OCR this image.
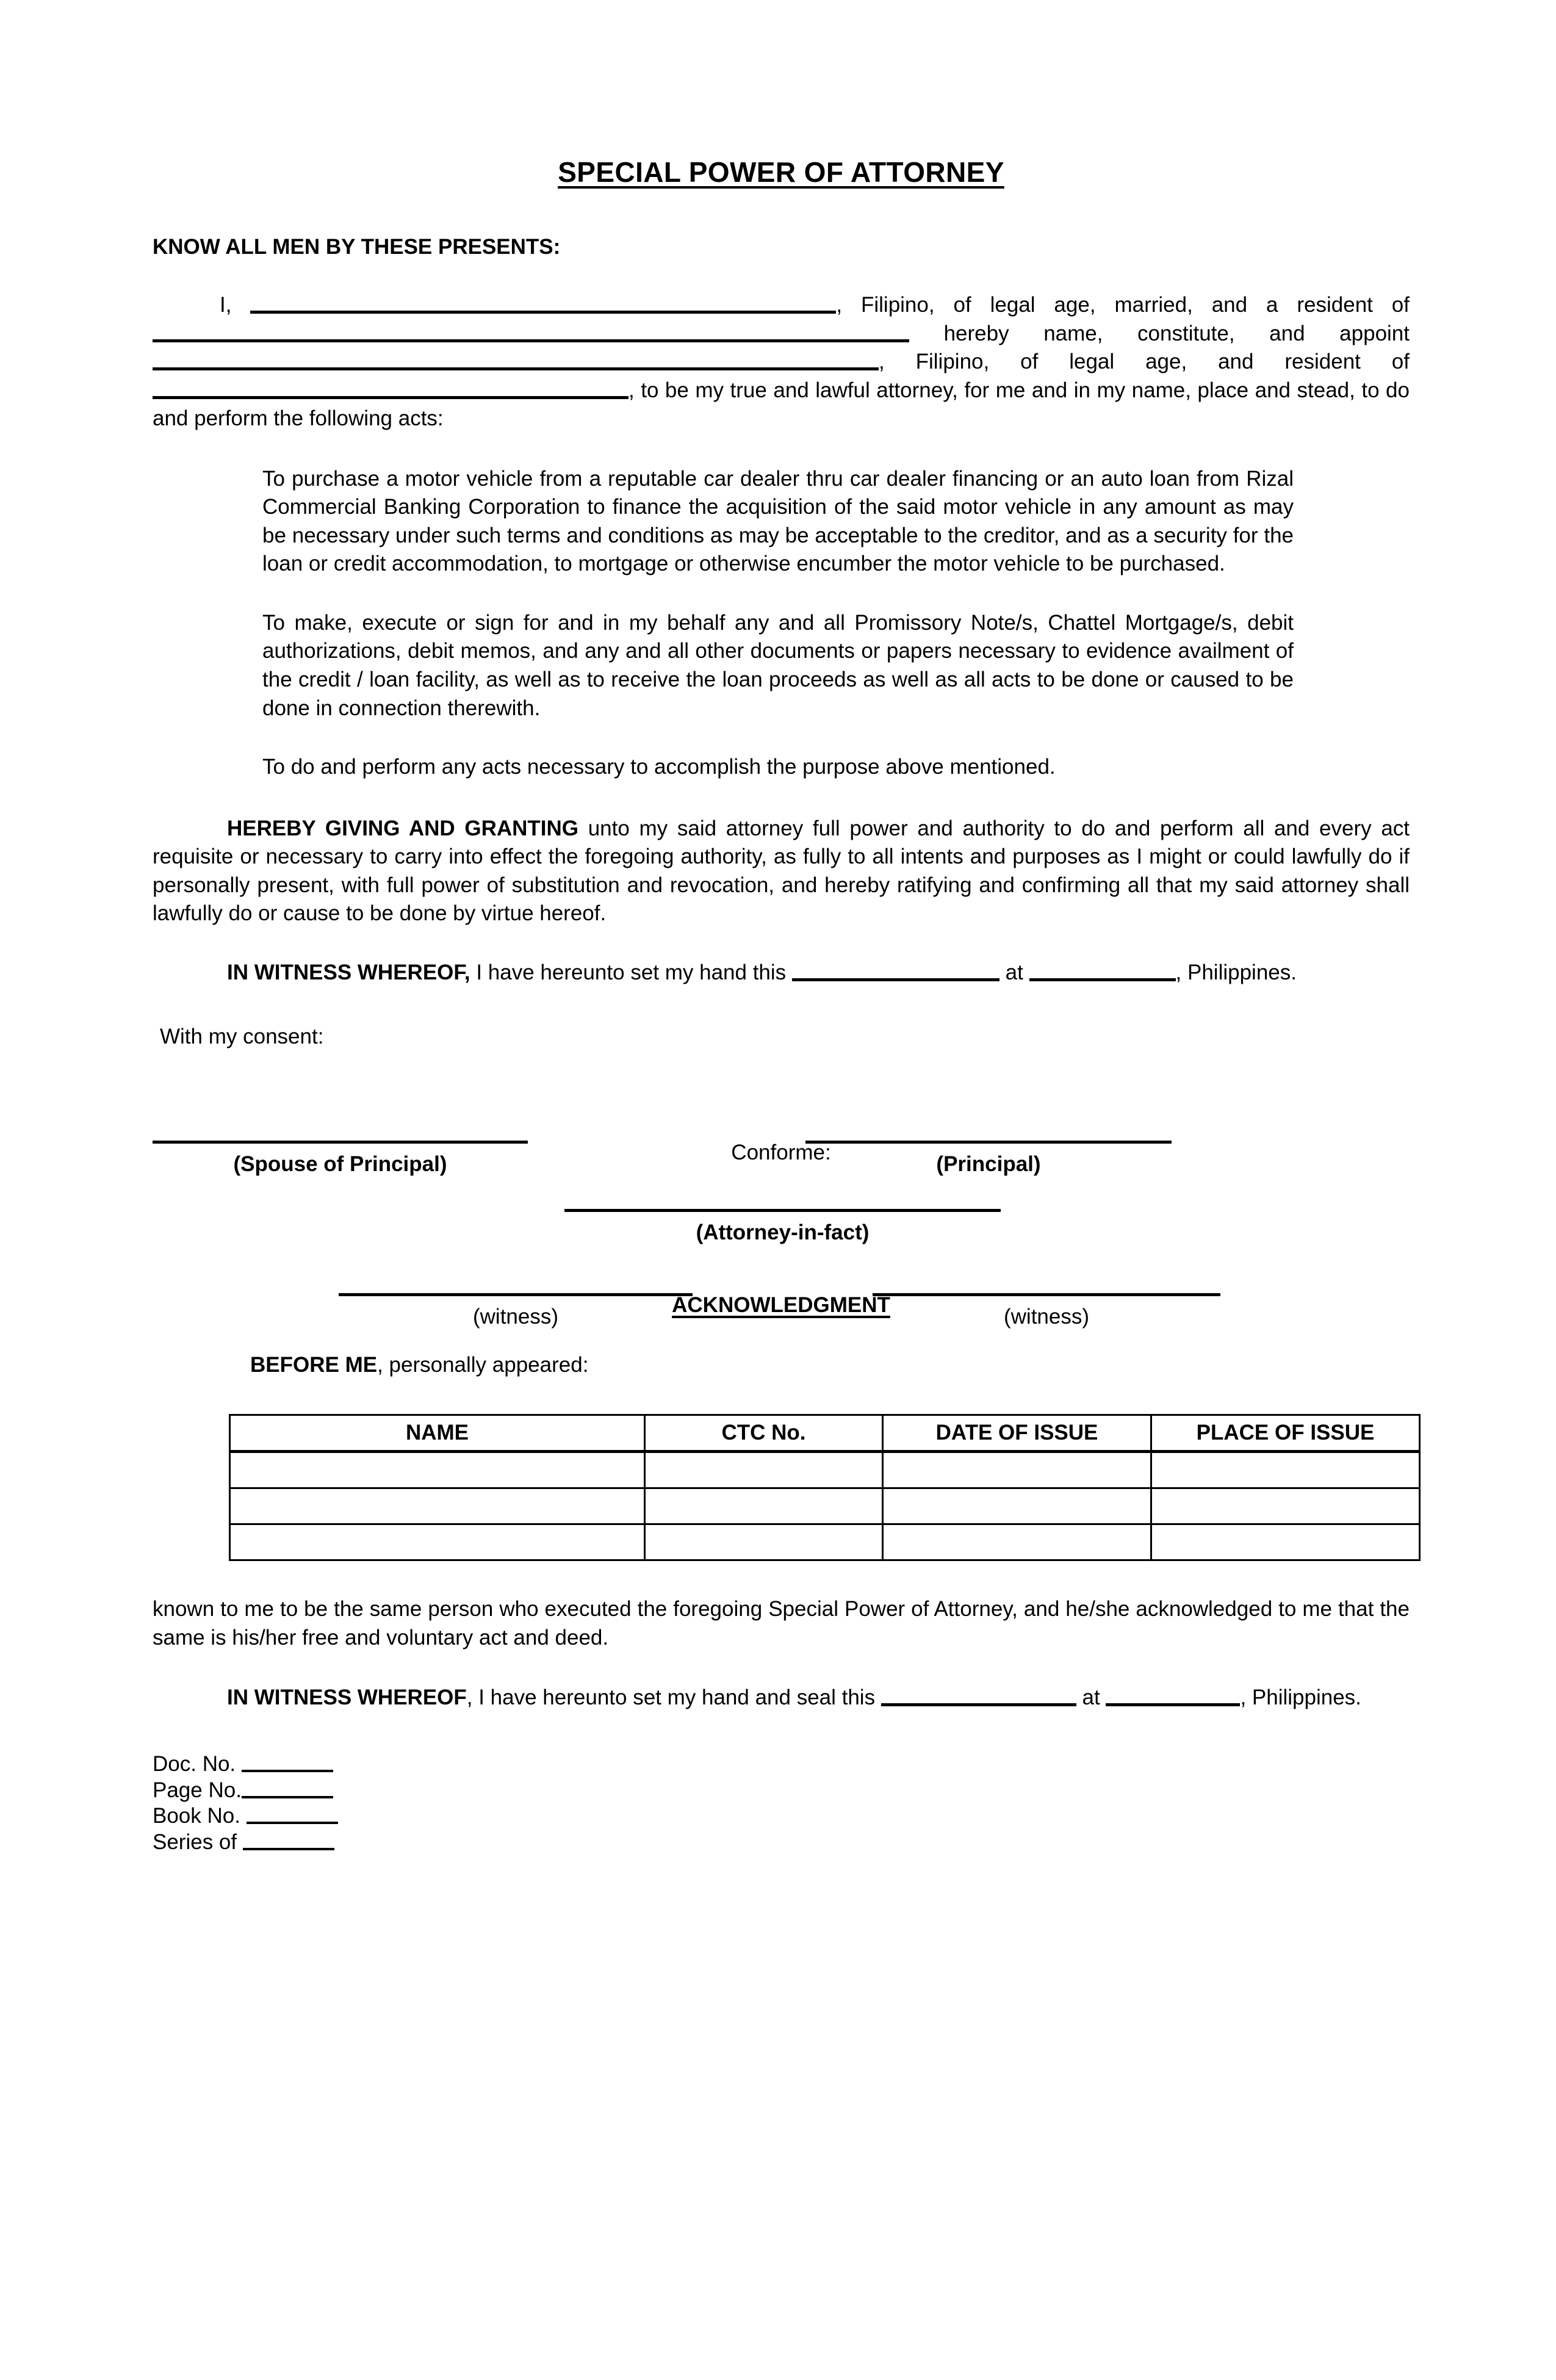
SPECIAL POWER OF ATTORNEY
KNOW ALL MEN BY THESE PRESENTS:
I,	, Filipino, of legal age, married, and a resident of  hereby name, constitute, and appoint , Filipino, of legal age, and resident of , to be my true and lawful attorney, for me and in my name, place and stead, to do and perform the following acts:
To purchase a motor vehicle from a reputable car dealer thru car dealer financing or an auto loan from Rizal Commercial Banking Corporation to finance the acquisition of the said motor vehicle in any amount as may be necessary under such terms and conditions as may be acceptable to the creditor, and as a security for the loan or credit accommodation, to mortgage or otherwise encumber the motor vehicle to be purchased.
To make, execute or sign for and in my behalf any and all Promissory Note/s, Chattel Mortgage/s, debit authorizations, debit memos, and any and all other documents or papers necessary to evidence availment of the credit / loan facility, as well as to receive the loan proceeds as well as all acts to be done or caused to be done in connection therewith.
To do and perform any acts necessary to accomplish the purpose above mentioned.
HEREBY GIVING AND GRANTING unto my said attorney full power and authority to do and perform all and every act requisite or necessary to carry into effect the foregoing authority, as fully to all intents and purposes as I might or could lawfully do if personally present, with full power of substitution and revocation, and hereby ratifying and confirming all that my said attorney shall lawfully do or cause to be done by virtue hereof.
IN WITNESS WHEREOF, I have hereunto set my hand this	at	, Philippines.
With my consent:
(Spouse of Principal)	(Principal)
Conforme:
(Attorney-in-fact)
(witness)	(witness)
ACKNOWLEDGMENT
BEFORE ME, personally appeared:
NAME	CTC No.	DATE OF ISSUE	PLACE OF ISSUE

known to me to be the same person who executed the foregoing Special Power of Attorney, and he/she acknowledged to me that the same is his/her free and voluntary act and deed.
IN WITNESS WHEREOF, I have hereunto set my hand and seal this	at	, Philippines.
Doc. No.
Page No.
Book No.
Series of
